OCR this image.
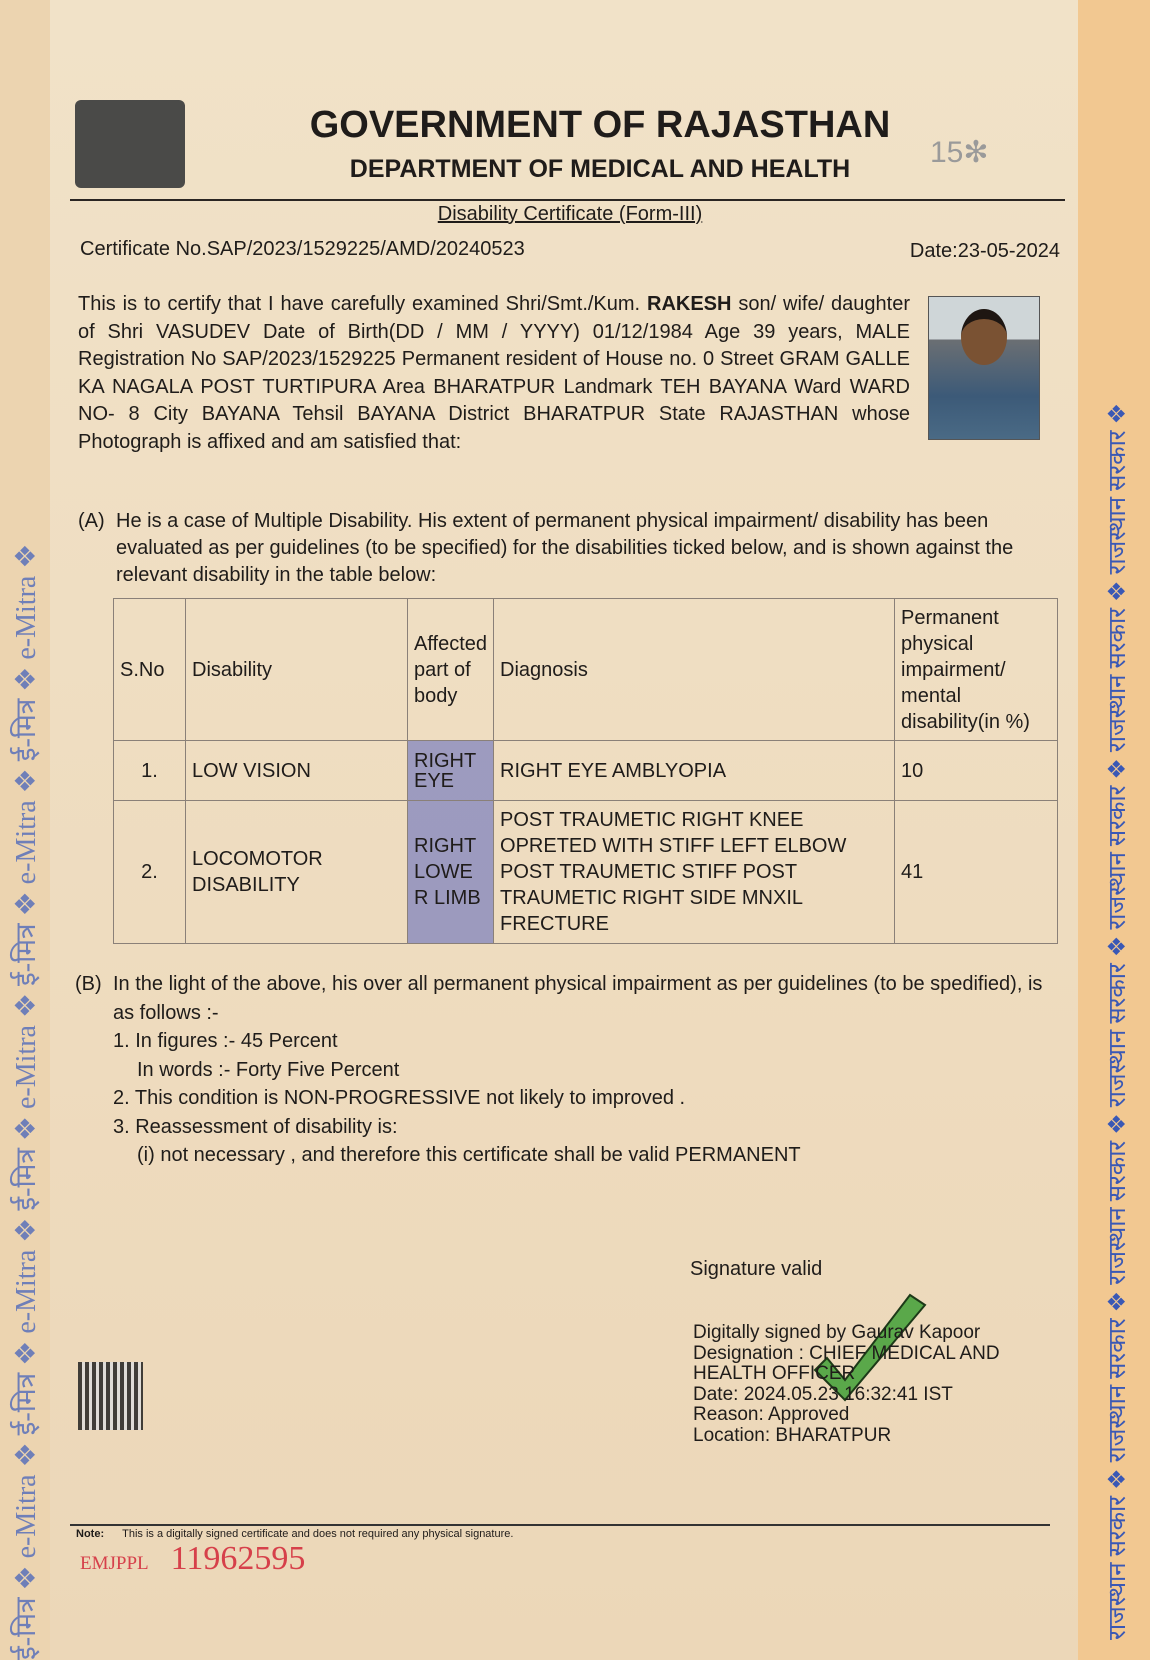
ई-मित्र ❖ e-Mitra ❖ ई-मित्र ❖ e-Mitra ❖ ई-मित्र ❖ e-Mitra ❖ ई-मित्र ❖ e-Mitra ❖ ई-मित्र ❖ e-Mitra ❖	राजस्थान सरकार ❖ राजस्थान सरकार ❖ राजस्थान सरकार ❖ राजस्थान सरकार ❖ राजस्थान सरकार ❖ राजस्थान सरकार ❖ राजस्थान सरकार ❖
15✻
GOVERNMENT OF RAJASTHAN
DEPARTMENT OF MEDICAL AND HEALTH
Disability Certificate (Form-III)
Certificate No.SAP/2023/1529225/AMD/20240523	Date:23-05-2024
This is to certify that I have carefully examined Shri/Smt./Kum. RAKESH son/ wife/ daughter of Shri VASUDEV Date of Birth(DD / MM / YYYY) 01/12/1984 Age 39 years, MALE Registration No SAP/2023/1529225 Permanent resident of House no. 0 Street GRAM GALLE KA NAGALA POST TURTIPURA Area BHARATPUR Landmark TEH BAYANA Ward WARD NO- 8 City BAYANA Tehsil BAYANA District BHARATPUR State RAJASTHAN whose Photograph is affixed and am satisfied that:
(A) He is a case of Multiple Disability. His extent of permanent physical impairment/ disability has been evaluated as per guidelines (to be specified) for the disabilities ticked below, and is shown against the relevant disability in the table below:
S.No	Disability	Affected part of body	Diagnosis	Permanent physical impairment/ mental disability(in %)
1.	LOW VISION	RIGHT EYE	RIGHT EYE AMBLYOPIA	10
2.	LOCOMOTOR DISABILITY	RIGHT LOWER LIMB	POST TRAUMETIC RIGHT KNEE OPRETED WITH STIFF LEFT ELBOW POST TRAUMETIC STIFF POST TRAUMETIC RIGHT SIDE MNXIL FRECTURE	41
(B) In the light of the above, his over all permanent physical impairment as per guidelines (to be spedified), is as follows :-
1. In figures :- 45 Percent
In words :- Forty Five Percent
2. This condition is NON-PROGRESSIVE not likely to improved .
3. Reassessment of disability is:
(i) not necessary , and therefore this certificate shall be valid PERMANENT
Signature valid
Digitally signed by Gaurav Kapoor
Designation : CHIEF MEDICAL AND
HEALTH OFFICER
Date: 2024.05.23 16:32:41 IST
Reason: Approved
Location: BHARATPUR
Note: This is a digitally signed certificate and does not required any physical signature.
EMJPPL 11962595
